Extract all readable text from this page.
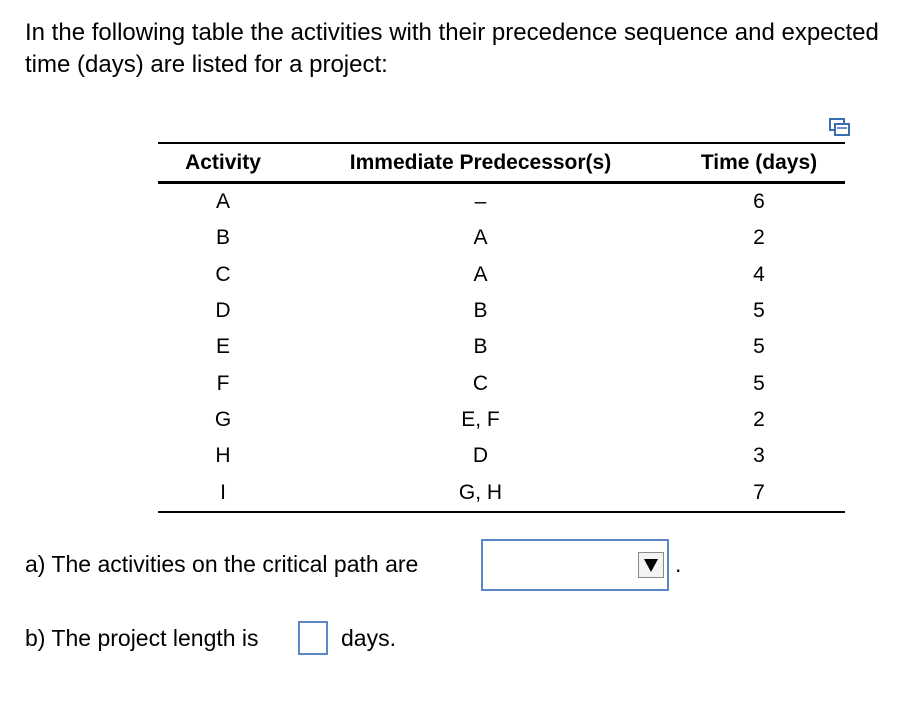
In the following table the activities with their precedence sequence and expected
time (days) are listed for a project:
Activity	Immediate Predecessor(s)	Time (days)
A	–	6
B	A	2
C	A	4
D	B	5
E	B	5
F	C	5
G	E, F	2
H	D	3
I	G, H	7
a) The activities on the critical path are	.
b) The project length is	days.
